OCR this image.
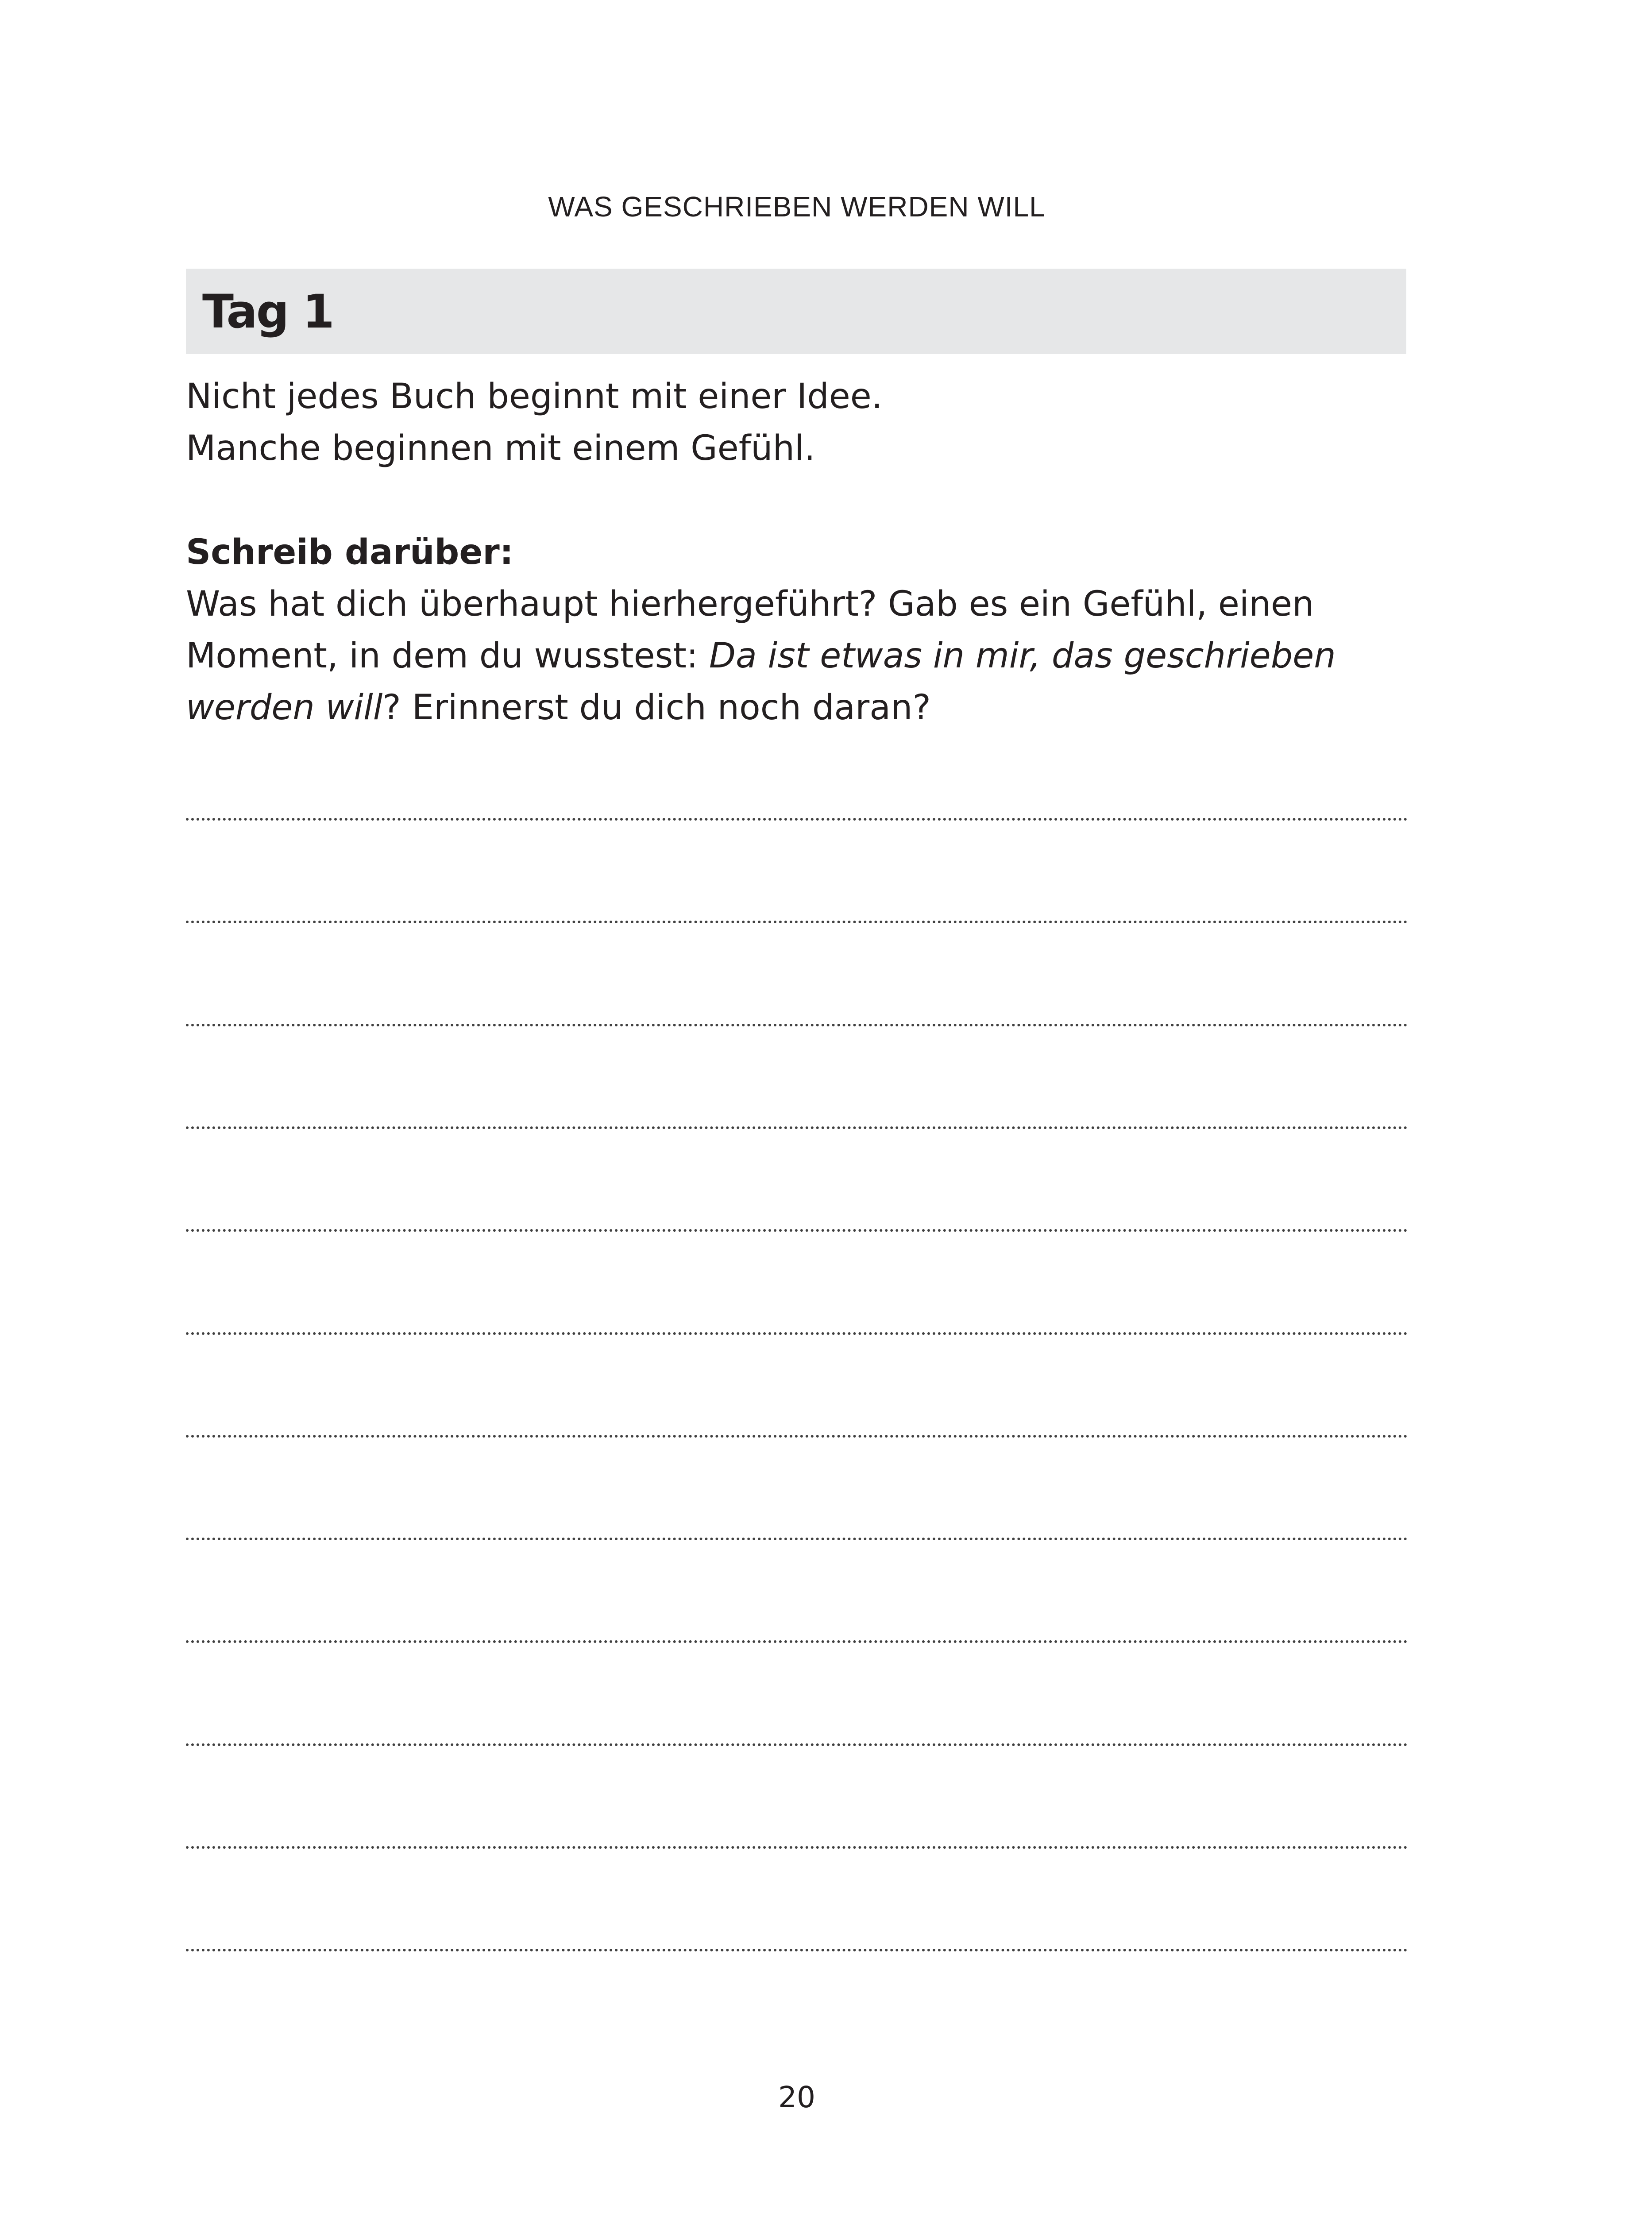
WAS GESCHRIEBEN WERDEN WILL
Tag 1
Nicht jedes Buch beginnt mit einer Idee.
Manche beginnen mit einem Gefühl.
Schreib darüber:
Was hat dich überhaupt hierhergeführt? Gab es ein Gefühl, einen
Moment, in dem du wusstest: Da ist etwas in mir, das geschrieben
werden will? Erinnerst du dich noch daran?
20
